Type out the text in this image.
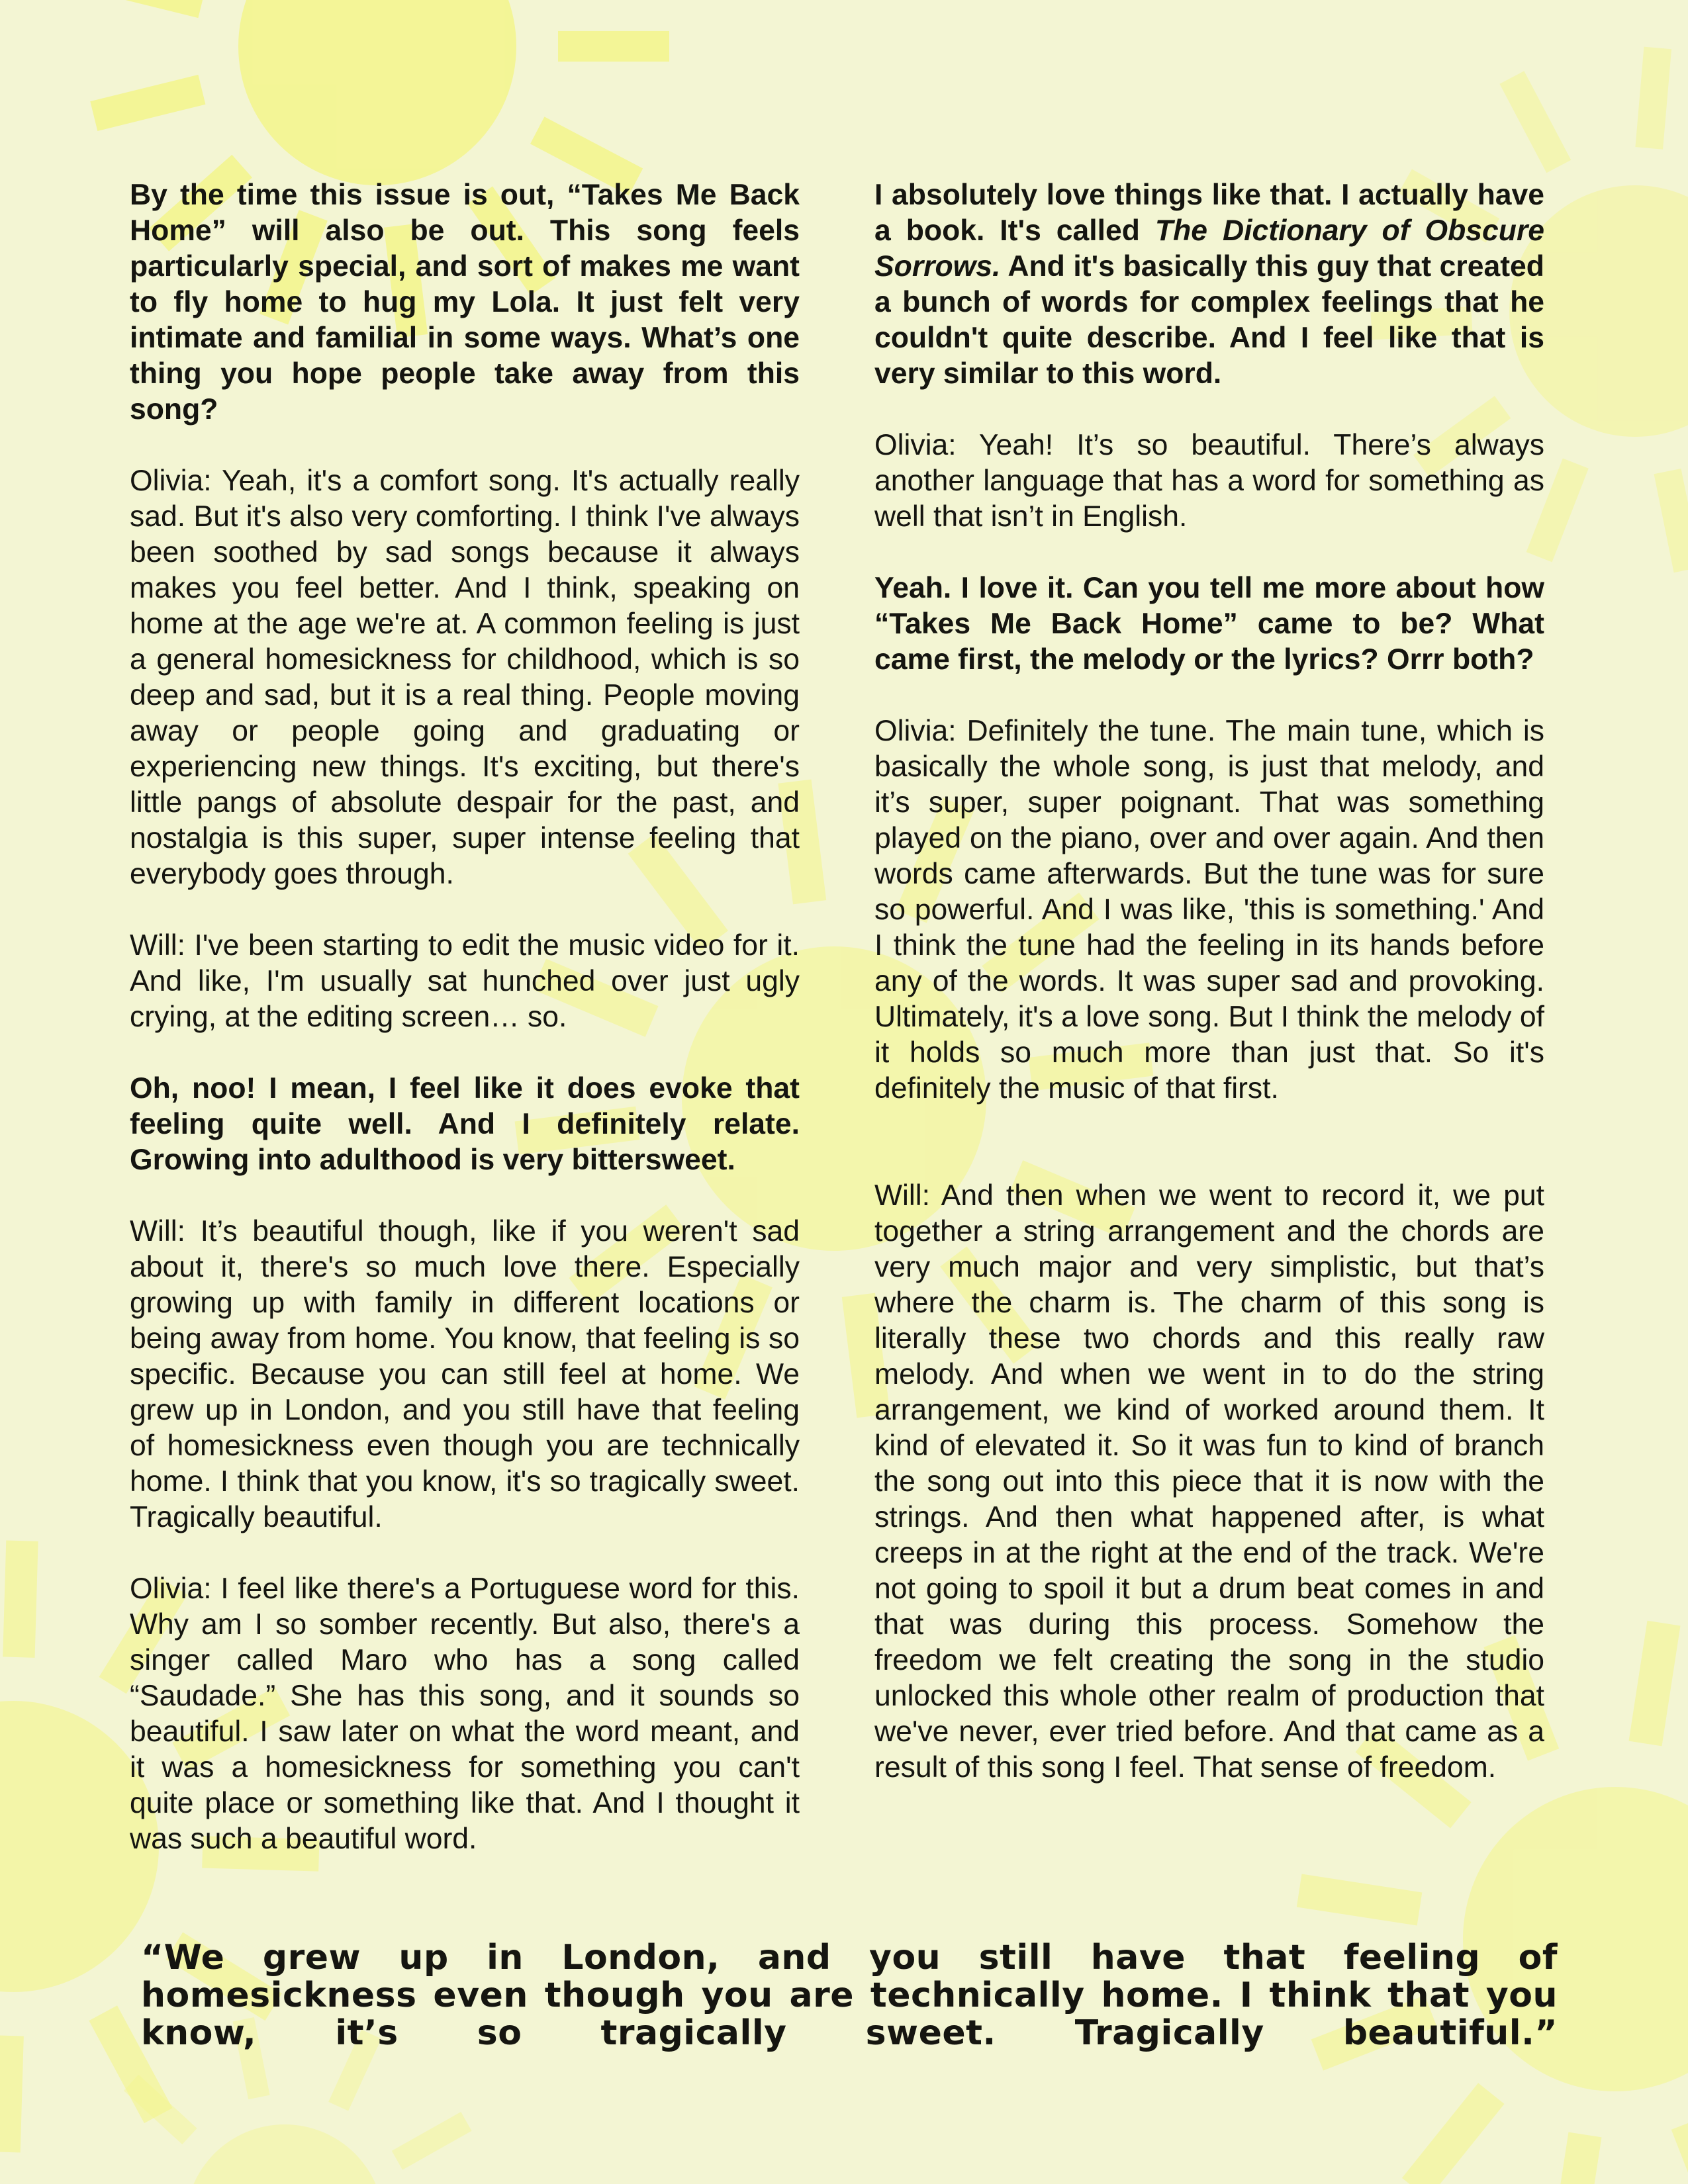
By the time this issue is out, “Takes Me Back Home” will also be out. This song feels particularly special, and sort of makes me want to fly home to hug my Lola. It just felt very intimate and familial in some ways. What’s one thing you hope people take away from this song?

Olivia: Yeah, it's a comfort song. It's actually really sad. But it's also very comforting. I think I've always been soothed by sad songs because it always makes you feel better. And I think, speaking on home at the age we're at. A common feeling is just a general homesickness for childhood, which is so deep and sad, but it is a real thing. People moving away or people going and graduating or experiencing new things. It's exciting, but there's little pangs of absolute despair for the past, and nostalgia is this super, super intense feeling that everybody goes through.

Will: I've been starting to edit the music video for it. And like, I'm usually sat hunched over just ugly crying, at the editing screen… so.

Oh, noo! I mean, I feel like it does evoke that feeling quite well. And I definitely relate. Growing into adulthood is very bittersweet.

Will: It’s beautiful though, like if you weren't sad about it, there's so much love there. Especially growing up with family in different locations or being away from home. You know, that feeling is so specific. Because you can still feel at home. We grew up in London, and you still have that feeling of homesickness even though you are technically home. I think that you know, it's so tragically sweet. Tragically beautiful.

Olivia: I feel like there's a Portuguese word for this. Why am I so somber recently. But also, there's a singer called Maro who has a song called “Saudade.” She has this song, and it sounds so beautiful. I saw later on what the word meant, and it was a homesickness for something you can't quite place or something like that. And I thought it was such a beautiful word.

I absolutely love things like that. I actually have a book. It's called The Dictionary of Obscure Sorrows. And it's basically this guy that created a bunch of words for complex feelings that he couldn't quite describe. And I feel like that is very similar to this word.

Olivia: Yeah! It’s so beautiful. There’s always another language that has a word for something as well that isn’t in English.

Yeah. I love it. Can you tell me more about how “Takes Me Back Home” came to be? What came first, the melody or the lyrics? Orrr both?

Olivia: Definitely the tune. The main tune, which is basically the whole song, is just that melody, and it’s super, super poignant. That was something played on the piano, over and over again. And then words came afterwards. But the tune was for sure so powerful. And I was like, 'this is something.' And I think the tune had the feeling in its hands before any of the words. It was super sad and provoking. Ultimately, it's a love song. But I think the melody of it holds so much more than just that. So it's definitely the music of that first.

Will: And then when we went to record it, we put together a string arrangement and the chords are very much major and very simplistic, but that’s where the charm is. The charm of this song is literally these two chords and this really raw melody. And when we went in to do the string arrangement, we kind of worked around them. It kind of elevated it. So it was fun to kind of branch the song out into this piece that it is now with the strings. And then what happened after, is what creeps in at the right at the end of the track. We're not going to spoil it but a drum beat comes in and that was during this process. Somehow the freedom we felt creating the song in the studio unlocked this whole other realm of production that we've never, ever tried before. And that came as a result of this song I feel. That sense of freedom.

“We grew up in London, and you still have that feeling of homesickness even though you are technically home. I think that you know, it’s so tragically sweet. Tragically beautiful.”
